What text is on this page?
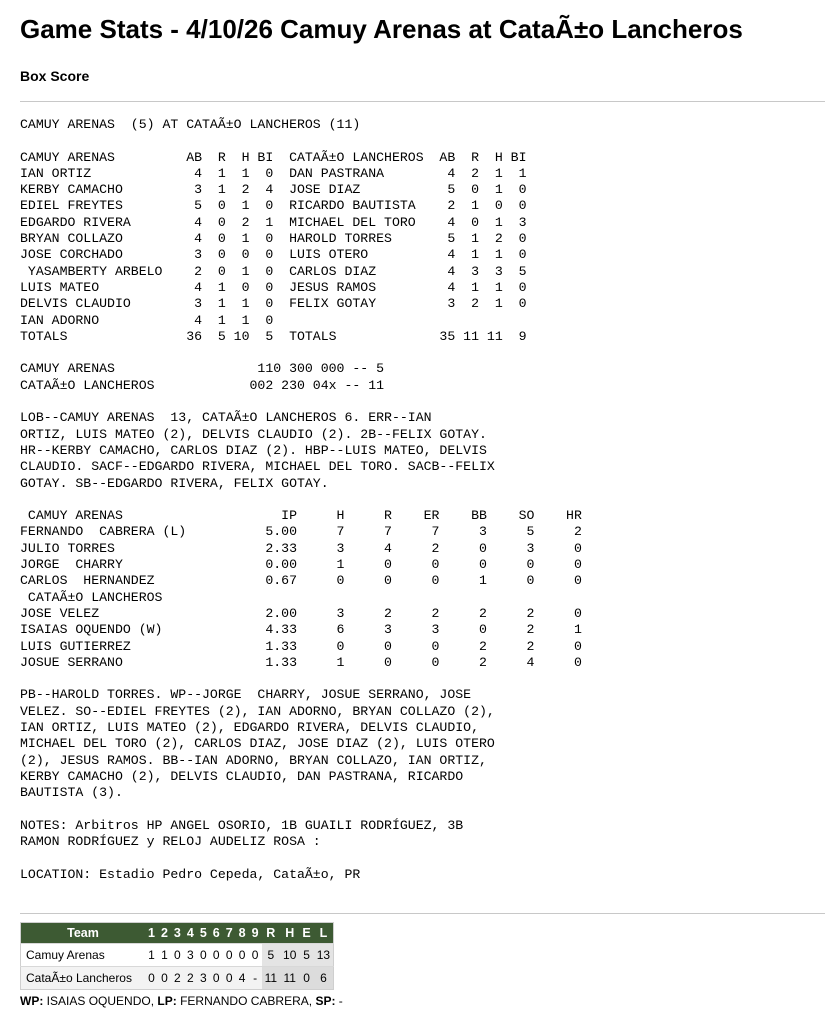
Game Stats - 4/10/26 Camuy Arenas at CataÃ±o Lancheros
Box Score
CAMUY ARENAS  (5) AT CATAÃ±O LANCHEROS (11)

CAMUY ARENAS         AB  R  H BI  CATAÃ±O LANCHEROS  AB  R  H BI
IAN ORTIZ             4  1  1  0  DAN PASTRANA        4  2  1  1
KERBY CAMACHO         3  1  2  4  JOSE DIAZ           5  0  1  0
EDIEL FREYTES         5  0  1  0  RICARDO BAUTISTA    2  1  0  0
EDGARDO RIVERA        4  0  2  1  MICHAEL DEL TORO    4  0  1  3
BRYAN COLLAZO         4  0  1  0  HAROLD TORRES       5  1  2  0
JOSE CORCHADO         3  0  0  0  LUIS OTERO          4  1  1  0
YASAMBERTY ARBELO    2  0  1  0  CARLOS DIAZ         4  3  3  5
LUIS MATEO            4  1  0  0  JESUS RAMOS         4  1  1  0
DELVIS CLAUDIO        3  1  1  0  FELIX GOTAY         3  2  1  0
IAN ADORNO            4  1  1  0
TOTALS               36  5 10  5  TOTALS             35 11 11  9

CAMUY ARENAS                  110 300 000 -- 5
CATAÃ±O LANCHEROS            002 230 04x -- 11

LOB--CAMUY ARENAS  13, CATAÃ±O LANCHEROS 6. ERR--IAN
ORTIZ, LUIS MATEO (2), DELVIS CLAUDIO (2). 2B--FELIX GOTAY.
HR--KERBY CAMACHO, CARLOS DIAZ (2). HBP--LUIS MATEO, DELVIS
CLAUDIO. SACF--EDGARDO RIVERA, MICHAEL DEL TORO. SACB--FELIX
GOTAY. SB--EDGARDO RIVERA, FELIX GOTAY.

CAMUY ARENAS                    IP     H     R    ER    BB    SO    HR
FERNANDO  CABRERA (L)          5.00     7     7     7     3     5     2
JULIO TORRES                   2.33     3     4     2     0     3     0
JORGE  CHARRY                  0.00     1     0     0     0     0     0
CARLOS  HERNANDEZ              0.67     0     0     0     1     0     0
CATAÃ±O LANCHEROS
JOSE VELEZ                     2.00     3     2     2     2     2     0
ISAIAS OQUENDO (W)             4.33     6     3     3     0     2     1
LUIS GUTIERREZ                 1.33     0     0     0     2     2     0
JOSUE SERRANO                  1.33     1     0     0     2     4     0

PB--HAROLD TORRES. WP--JORGE  CHARRY, JOSUE SERRANO, JOSE
VELEZ. SO--EDIEL FREYTES (2), IAN ADORNO, BRYAN COLLAZO (2),
IAN ORTIZ, LUIS MATEO (2), EDGARDO RIVERA, DELVIS CLAUDIO,
MICHAEL DEL TORO (2), CARLOS DIAZ, JOSE DIAZ (2), LUIS OTERO
(2), JESUS RAMOS. BB--IAN ADORNO, BRYAN COLLAZO, IAN ORTIZ,
KERBY CAMACHO (2), DELVIS CLAUDIO, DAN PASTRANA, RICARDO
BAUTISTA (3).

NOTES: Arbitros HP ANGEL OSORIO, 1B GUAILI RODRÍGUEZ, 3B
RAMON RODRÍGUEZ y RELOJ AUDELIZ ROSA :

LOCATION: Estadio Pedro Cepeda, CataÃ±o, PR
Team	1	2	3	4	5	6	7	8	9	R	H	E	L
Camuy Arenas	1	1	0	3	0	0	0	0	0	5	10	5	13
CataÃ±o Lancheros	0	0	2	2	3	0	0	4	-	11	11	0	6
WP: ISAIAS OQUENDO, LP: FERNANDO CABRERA, SP: -
